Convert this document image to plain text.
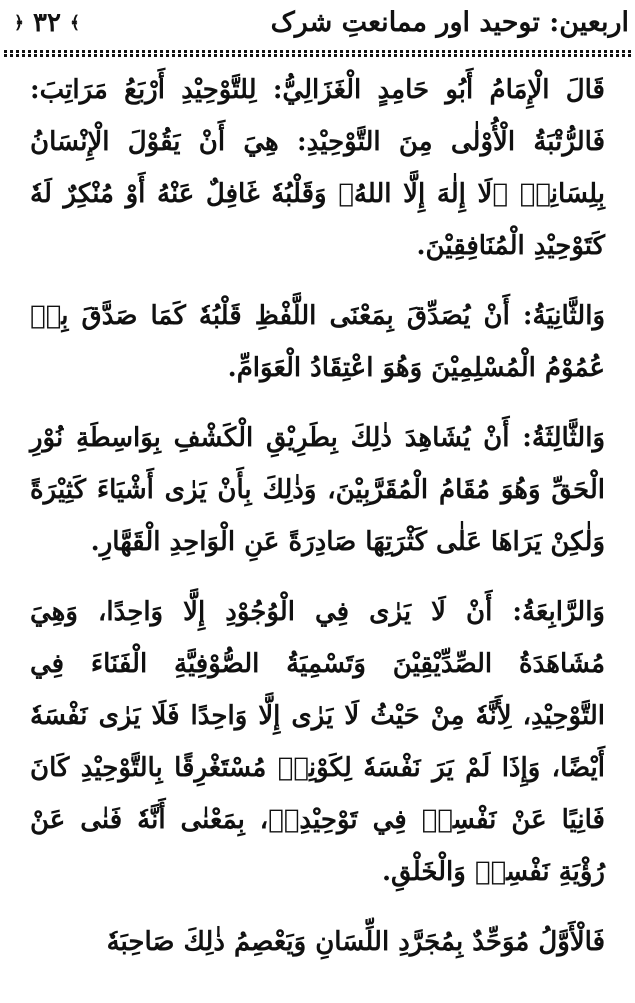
اربعین: توحید اور ممانعتِ شرک
﴿ ۳۲ ﴾

قَالَ الْإِمَامُ أَبُو حَامِدٍ الْغَزَالِيُّ: لِلتَّوْحِيْدِ أَرْبَعُ مَرَاتِبَ: فَالرُّتْبَةُ الْأُوْلٰى مِنَ التَّوْحِيْدِ: هِيَ أَنْ يَقُوْلَ الْإِنْسَانُ بِلِسَانِهٖ ﴿لَا إِلٰهَ إِلَّا اللهُ﴾ وَقَلْبُهٗ غَافِلٌ عَنْهُ أَوْ مُنْكِرٌ لَهٗ كَتَوْحِيْدِ الْمُنَافِقِيْنَ.

وَالثَّانِيَةُ: أَنْ يُصَدِّقَ بِمَعْنَى اللَّفْظِ قَلْبُهٗ كَمَا صَدَّقَ بِهٖ عُمُوْمُ الْمُسْلِمِيْنَ وَهُوَ اعْتِقَادُ الْعَوَامِّ.

وَالثَّالِثَةُ: أَنْ يُشَاهِدَ ذٰلِكَ بِطَرِيْقِ الْكَشْفِ بِوَاسِطَةِ نُوْرِ الْحَقِّ وَهُوَ مُقَامُ الْمُقَرَّبِيْنَ، وَذٰلِكَ بِأَنْ يَرٰى أَشْيَاءَ كَثِيْرَةً وَلٰكِنْ يَرَاهَا عَلٰى كَثْرَتِهَا صَادِرَةً عَنِ الْوَاحِدِ الْقَهَّارِ.

وَالرَّابِعَةُ: أَنْ لَا يَرٰى فِي الْوُجُوْدِ إِلَّا وَاحِدًا، وَهِيَ مُشَاهَدَةُ الصِّدِّيْقِيْنَ وَتَسْمِيَةُ الصُّوْفِيَّةِ الْفَنَاءَ فِي التَّوْحِيْدِ، لِأَنَّهٗ مِنْ حَيْثُ لَا يَرٰى إِلَّا وَاحِدًا فَلَا يَرٰى نَفْسَهٗ أَيْضًا، وَإِذَا لَمْ يَرَ نَفْسَهٗ لِكَوْنِهٖ مُسْتَغْرِقًا بِالتَّوْحِيْدِ كَانَ فَانِيًا عَنْ نَفْسِهٖ فِي تَوْحِيْدِهٖ، بِمَعْنٰى أَنَّهٗ فَنٰى عَنْ رُؤْيَةِ نَفْسِهٖ وَالْخَلْقِ.

فَالْأَوَّلُ مُوَحِّدٌ بِمُجَرَّدِ اللِّسَانِ وَيَعْصِمُ ذٰلِكَ صَاحِبَهٗ
